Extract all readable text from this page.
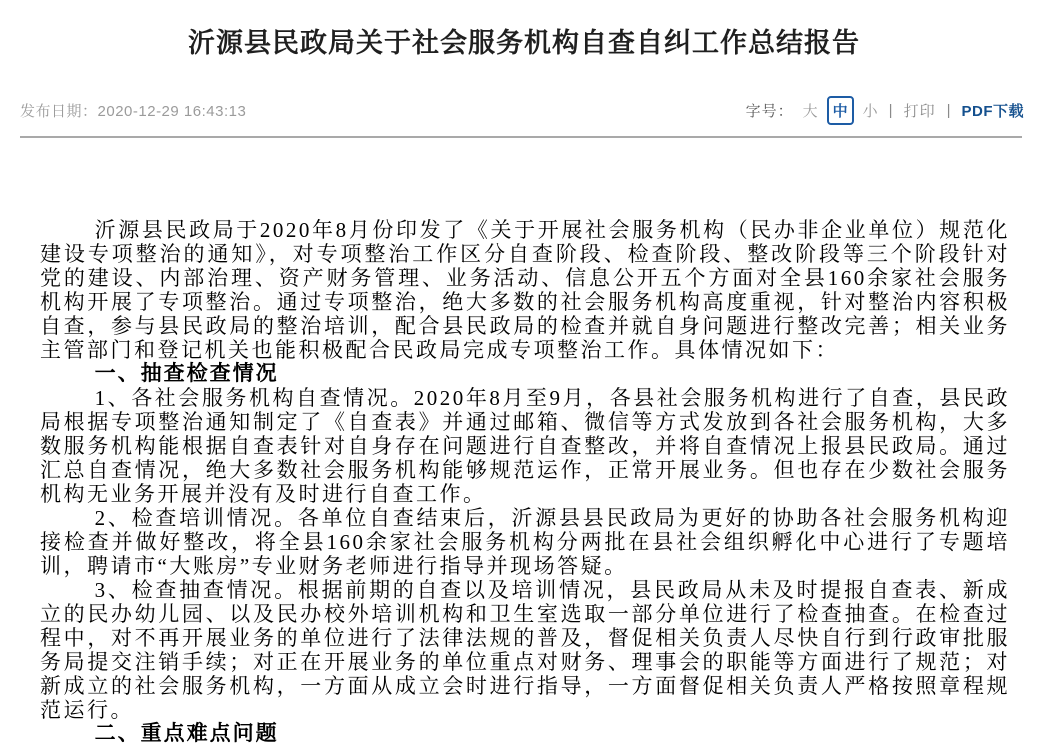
沂源县民政局关于社会服务机构自查自纠工作总结报告
发布日期：2020-12-29 16:43:13	字号： 大	中	小 | 打印 | PDF下载

沂源县民政局于2020年8月份印发了《关于开展社会服务机构（民办非企业单位）规范化建设专项整治的通知》，对专项整治工作区分自查阶段、检查阶段、整改阶段等三个阶段针对党的建设、内部治理、资产财务管理、业务活动、信息公开五个方面对全县160余家社会服务机构开展了专项整治。通过专项整治，绝大多数的社会服务机构高度重视，针对整治内容积极自查，参与县民政局的整治培训，配合县民政局的检查并就自身问题进行整改完善；相关业务主管部门和登记机关也能积极配合民政局完成专项整治工作。具体情况如下：

一、抽查检查情况

1、各社会服务机构自查情况。2020年8月至9月，各县社会服务机构进行了自查，县民政局根据专项整治通知制定了《自查表》并通过邮箱、微信等方式发放到各社会服务机构，大多数服务机构能根据自查表针对自身存在问题进行自查整改，并将自查情况上报县民政局。通过汇总自查情况，绝大多数社会服务机构能够规范运作，正常开展业务。但也存在少数社会服务机构无业务开展并没有及时进行自查工作。

2、检查培训情况。各单位自查结束后，沂源县县民政局为更好的协助各社会服务机构迎接检查并做好整改，将全县160余家社会服务机构分两批在县社会组织孵化中心进行了专题培训，聘请市“大账房”专业财务老师进行指导并现场答疑。

3、检查抽查情况。根据前期的自查以及培训情况，县民政局从未及时提报自查表、新成立的民办幼儿园、以及民办校外培训机构和卫生室选取一部分单位进行了检查抽查。在检查过程中，对不再开展业务的单位进行了法律法规的普及，督促相关负责人尽快自行到行政审批服务局提交注销手续；对正在开展业务的单位重点对财务、理事会的职能等方面进行了规范；对新成立的社会服务机构，一方面从成立会时进行指导，一方面督促相关负责人严格按照章程规范运行。

二、重点难点问题
